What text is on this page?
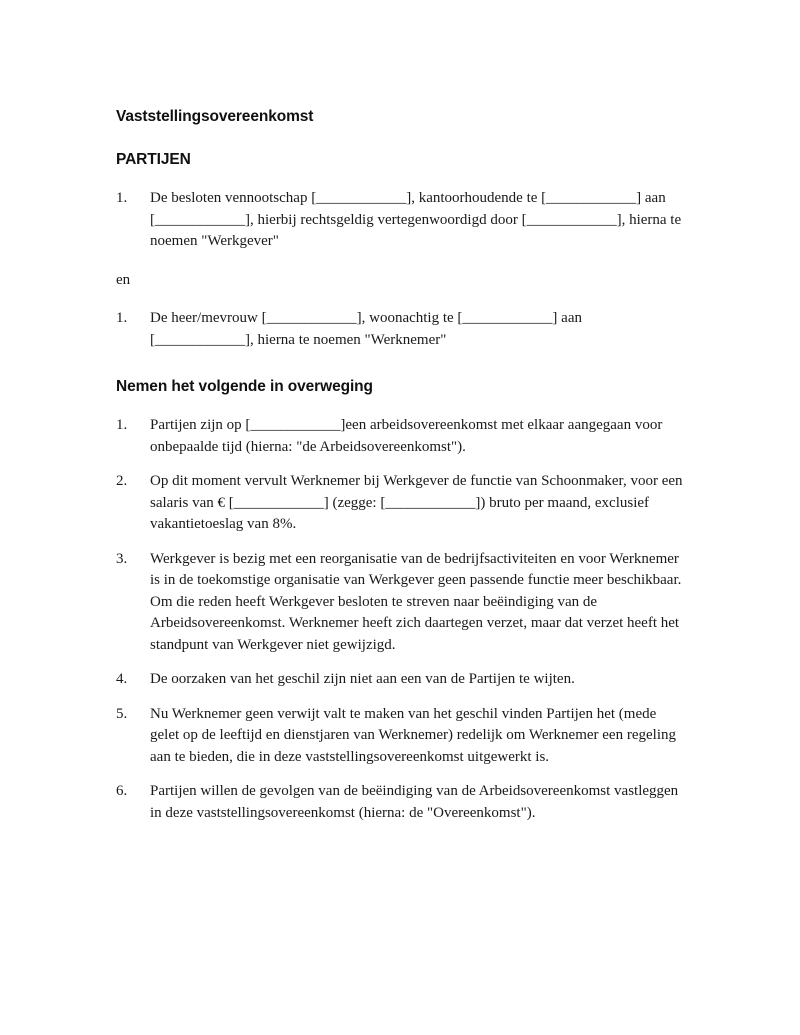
Vaststellingsovereenkomst
PARTIJEN
1.	De besloten vennootschap [____________], kantoorhoudende te [____________] aan [____________], hierbij rechtsgeldig vertegenwoordigd door [____________], hierna te noemen "Werkgever"

en

1.	De heer/mevrouw [____________], woonachtig te [____________] aan [____________], hierna te noemen "Werknemer"
Nemen het volgende in overweging
1.	Partijen zijn op [____________]een arbeidsovereenkomst met elkaar aangegaan voor onbepaalde tijd (hierna: "de Arbeidsovereenkomst").
2.	Op dit moment vervult Werknemer bij Werkgever de functie van Schoonmaker, voor een salaris van € [____________] (zegge: [____________]) bruto per maand, exclusief vakantietoeslag van 8%.
3.	Werkgever is bezig met een reorganisatie van de bedrijfsactiviteiten en voor Werknemer is in de toekomstige organisatie van Werkgever geen passende functie meer beschikbaar. Om die reden heeft Werkgever besloten te streven naar beëindiging van de Arbeidsovereenkomst. Werknemer heeft zich daartegen verzet, maar dat verzet heeft het standpunt van Werkgever niet gewijzigd.
4.	De oorzaken van het geschil zijn niet aan een van de Partijen te wijten.
5.	Nu Werknemer geen verwijt valt te maken van het geschil vinden Partijen het (mede gelet op de leeftijd en dienstjaren van Werknemer) redelijk om Werknemer een regeling aan te bieden, die in deze vaststellingsovereenkomst uitgewerkt is.
6.	Partijen willen de gevolgen van de beëindiging van de Arbeidsovereenkomst vastleggen in deze vaststellingsovereenkomst (hierna: de "Overeenkomst").
